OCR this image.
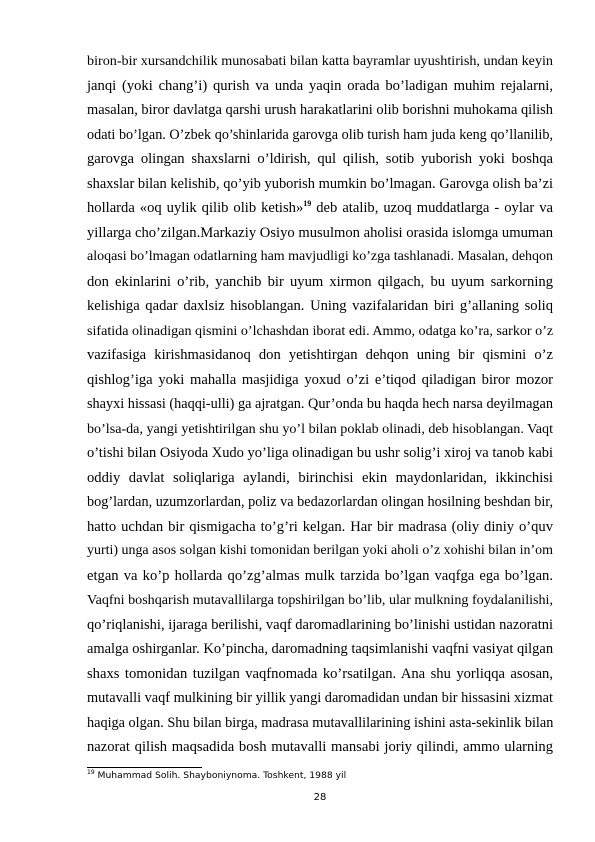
biron-bir xursandchilik munosabati bilan katta bayramlar uyushtirish, undan keyin
janqi (yoki chang’i) qurish va unda yaqin orada bo’ladigan muhim rejalarni,
masalan, biror davlatga qarshi urush harakatlarini olib borishni muhokama qilish
odati bo’lgan. O’zbek qo’shinlarida garovga olib turish ham juda keng qo’llanilib,
garovga olingan shaxslarni o’ldirish, qul qilish, sotib yuborish yoki boshqa
shaxslar bilan kelishib, qo’yib yuborish mumkin bo’lmagan. Garovga olish ba’zi
hollarda «oq uylik qilib olib ketish»$^{19}$ deb atalib, uzoq muddatlarga - oylar va
yillarga cho’zilgan.Markaziy Osiyo musulmon aholisi orasida islomga umuman
aloqasi bo’lmagan odatlarning ham mavjudligi ko’zga tashlanadi. Masalan, dehqon
don ekinlarini o’rib, yanchib bir uyum xirmon qilgach, bu uyum sarkorning
kelishiga qadar daxlsiz hisoblangan. Uning vazifalaridan biri g’allaning soliq
sifatida olinadigan qismini o’lchashdan iborat edi. Ammo, odatga ko’ra, sarkor o’z
vazifasiga kirishmasidanoq don yetishtirgan dehqon uning bir qismini o’z
qishlog’iga yoki mahalla masjidiga yoxud o’zi e’tiqod qiladigan biror mozor
shayxi hissasi (haqqi-ulli) ga ajratgan. Qur’onda bu haqda hech narsa deyilmagan
bo’lsa-da, yangi yetishtirilgan shu yo’l bilan poklab olinadi, deb hisoblangan. Vaqt
o’tishi bilan Osiyoda Xudo yo’liga olinadigan bu ushr solig’i xiroj va tanob kabi
oddiy davlat soliqlariga aylandi, birinchisi ekin maydonlaridan, ikkinchisi
bog’lardan, uzumzorlardan, poliz va bedazorlardan olingan hosilning beshdan bir,
hatto uchdan bir qismigacha to’g’ri kelgan. Har bir madrasa (oliy diniy o’quv
yurti) unga asos solgan kishi tomonidan berilgan yoki aholi o’z xohishi bilan in’om
etgan va ko’p hollarda qo’zg’almas mulk tarzida bo’lgan vaqfga ega bo’lgan.
Vaqfni boshqarish mutavallilarga topshirilgan bo’lib, ular mulkning foydalanilishi,
qo’riqlanishi, ijaraga berilishi, vaqf daromadlarining bo’linishi ustidan nazoratni
amalga oshirganlar. Ko’pincha, daromadning taqsimlanishi vaqfni vasiyat qilgan
shaxs tomonidan tuzilgan vaqfnomada ko’rsatilgan. Ana shu yorliqqa asosan,
mutavalli vaqf mulkining bir yillik yangi daromadidan undan bir hissasini xizmat
haqiga olgan. Shu bilan birga, madrasa mutavallilarining ishini asta-sekinlik bilan
nazorat qilish maqsadida bosh mutavalli mansabi joriy qilindi, ammo ularning
$^{19}$ Muhammad Solih. Shayboniynoma. Toshkent, 1988 yil
28
